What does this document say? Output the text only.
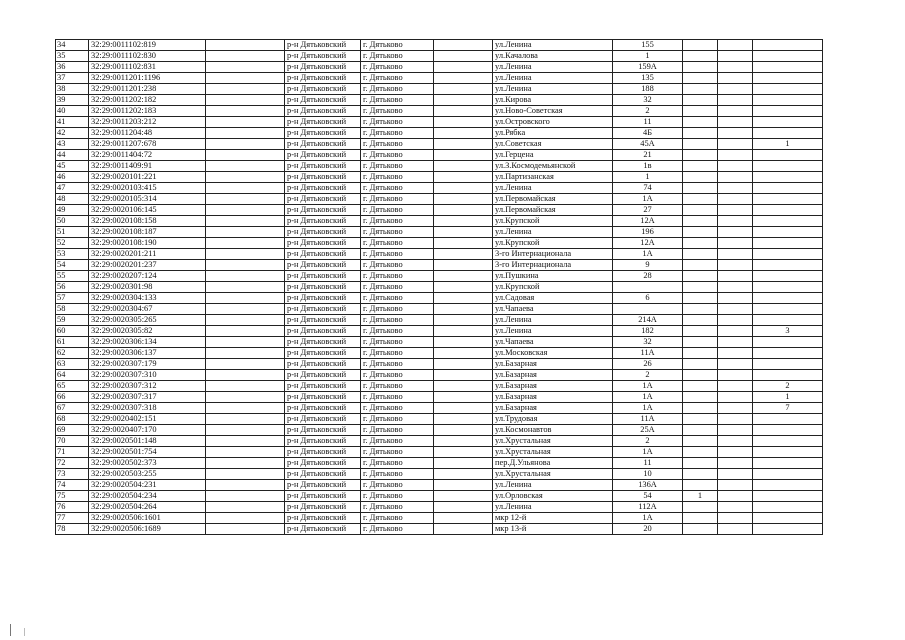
34	32:29:0011102:819		р-н Дятьковский	г. Дятьково		ул.Ленина	155			
35	32:29:0011102:830		р-н Дятьковский	г. Дятьково		ул.Качалова	1			
36	32:29:0011102:831		р-н Дятьковский	г. Дятьково		ул.Ленина	159А			
37	32:29:0011201:1196		р-н Дятьковский	г. Дятьково		ул.Ленина	135			
38	32:29:0011201:238		р-н Дятьковский	г. Дятьково		ул.Ленина	188			
39	32:29:0011202:182		р-н Дятьковский	г. Дятьково		ул.Кирова	32			
40	32:29:0011202:183		р-н Дятьковский	г. Дятьково		ул.Ново-Советская	2			
41	32:29:0011203:212		р-н Дятьковский	г. Дятьково		ул.Островского	11			
42	32:29:0011204:48		р-н Дятьковский	г. Дятьково		ул.Рябка	4Б			
43	32:29:0011207:678		р-н Дятьковский	г. Дятьково		ул.Советская	45А			1
44	32:29:0011404:72		р-н Дятьковский	г. Дятьково		ул.Герцена	21			
45	32:29:0011409:91		р-н Дятьковский	г. Дятьково		ул.З.Космодемьянской	1в			
46	32:29:0020101:221		р-н Дятьковский	г. Дятьково		ул.Партизанская	1			
47	32:29:0020103:415		р-н Дятьковский	г. Дятьково		ул.Ленина	74			
48	32:29:0020105:314		р-н Дятьковский	г. Дятьково		ул.Первомайская	1А			
49	32:29:0020106:145		р-н Дятьковский	г. Дятьково		ул.Первомайская	27			
50	32:29:0020108:158		р-н Дятьковский	г. Дятьково		ул.Крупской	12А			
51	32:29:0020108:187		р-н Дятьковский	г. Дятьково		ул.Ленина	196			
52	32:29:0020108:190		р-н Дятьковский	г. Дятьково		ул.Крупской	12А			
53	32:29:0020201:211		р-н Дятьковский	г. Дятьково		3-го Интернационала	1А			
54	32:29:0020201:237		р-н Дятьковский	г. Дятьково		3-го Интернационала	9			
55	32:29:0020207:124		р-н Дятьковский	г. Дятьково		ул.Пушкина	28			
56	32:29:0020301:98		р-н Дятьковский	г. Дятьково		ул.Крупской				
57	32:29:0020304:133		р-н Дятьковский	г. Дятьково		ул.Садовая	6			
58	32:29:0020304:67		р-н Дятьковский	г. Дятьково		ул.Чапаева				
59	32:29:0020305:265		р-н Дятьковский	г. Дятьково		ул.Ленина	214А			
60	32:29:0020305:82		р-н Дятьковский	г. Дятьково		ул.Ленина	182			3
61	32:29:0020306:134		р-н Дятьковский	г. Дятьково		ул.Чапаева	32			
62	32:29:0020306:137		р-н Дятьковский	г. Дятьково		ул.Московская	11А			
63	32:29:0020307:179		р-н Дятьковский	г. Дятьково		ул.Базарная	26			
64	32:29:0020307:310		р-н Дятьковский	г. Дятьково		ул.Базарная	2			
65	32:29:0020307:312		р-н Дятьковский	г. Дятьково		ул.Базарная	1А			2
66	32:29:0020307:317		р-н Дятьковский	г. Дятьково		ул.Базарная	1А			1
67	32:29:0020307:318		р-н Дятьковский	г. Дятьково		ул.Базарная	1А			7
68	32:29:0020402:151		р-н Дятьковский	г. Дятьково		ул.Трудовая	11А			
69	32:29:0020407:170		р-н Дятьковский	г. Дятьково		ул.Космонавтов	25А			
70	32:29:0020501:148		р-н Дятьковский	г. Дятьково		ул.Хрустальная	2			
71	32:29:0020501:754		р-н Дятьковский	г. Дятьково		ул.Хрустальная	1А			
72	32:29:0020502:373		р-н Дятьковский	г. Дятьково		пер.Д.Ульянова	11			
73	32:29:0020503:255		р-н Дятьковский	г. Дятьково		ул.Хрустальная	10			
74	32:29:0020504:231		р-н Дятьковский	г. Дятьково		ул.Ленина	136А			
75	32:29:0020504:234		р-н Дятьковский	г. Дятьково		ул.Орловская	54	1		
76	32:29:0020504:264		р-н Дятьковский	г. Дятьково		ул.Ленина	112А			
77	32:29:0020506:1601		р-н Дятьковский	г. Дятьково		мкр 12-й	1А			
78	32:29:0020506:1689		р-н Дятьковский	г. Дятьково		мкр 13-й	20			
